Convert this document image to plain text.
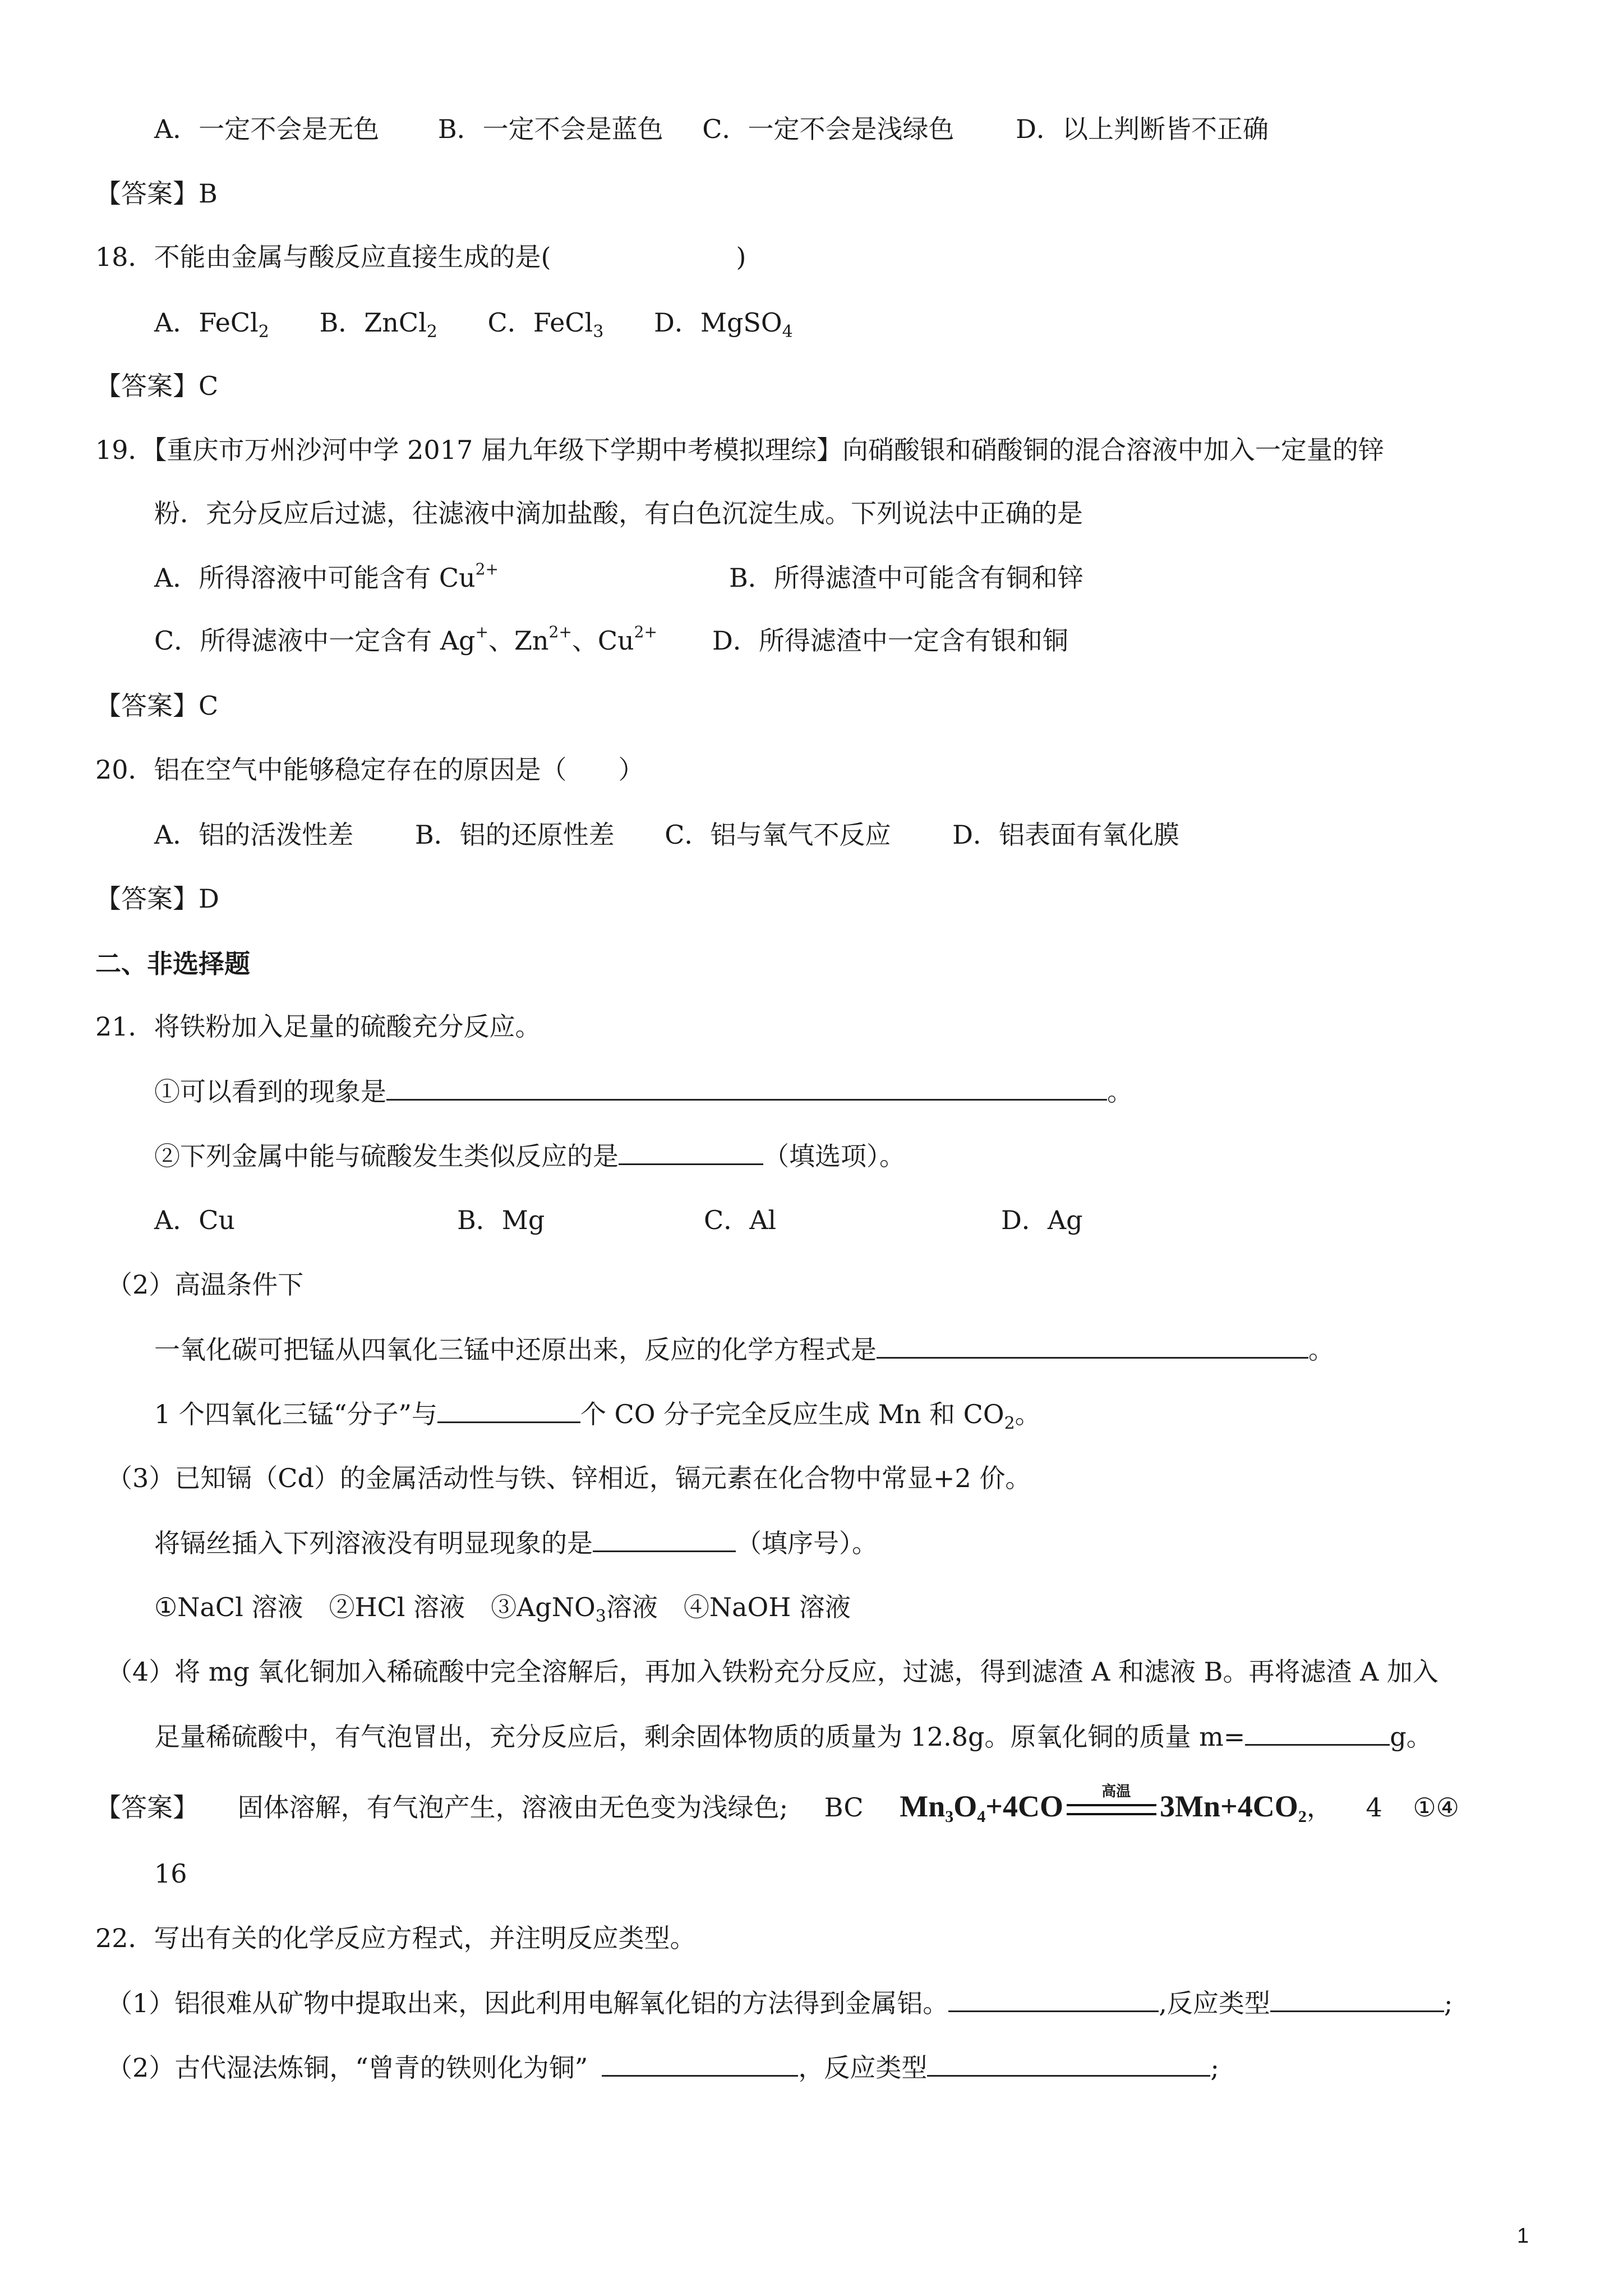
A．一定不会是无色 B．一定不会是蓝色 C．一定不会是浅绿色 D．以上判断皆不正确
【答案】B
18．不能由金属与酸反应直接生成的是(	)
A．FeCl$_2$ B．ZnCl$_2$ C．FeCl$_3$ D．MgSO$_4$
【答案】C
19．【重庆市万州沙河中学 2017 届九年级下学期中考模拟理综】向硝酸银和硝酸铜的混合溶液中加入一定量的锌
粉．充分反应后过滤，往滤液中滴加盐酸，有白色沉淀生成。下列说法中正确的是
A．所得溶液中可能含有 $Cu^{2+}$	B．所得滤渣中可能含有铜和锌
C．所得滤液中一定含有 Ag+、$Zn^{2+}$、$Cu^{2+}$ D．所得滤渣中一定含有银和铜
【答案】C
20．铝在空气中能够稳定存在的原因是（　　）
A．铝的活泼性差 B．铝的还原性差 C．铝与氧气不反应 D．铝表面有氧化膜
【答案】D
二、非选择题
21．将铁粉加入足量的硫酸充分反应。
①可以看到的现象是	。
②下列金属中能与硫酸发生类似反应的是	（填选项）。
A．Cu	B．Mg	C．Al	D．Ag
（2）高温条件下
一氧化碳可把锰从四氧化三锰中还原出来，反应的化学方程式是	。
1 个四氧化三锰“分子”与	个 CO 分子完全反应生成 Mn 和 $CO_2$。
（3）已知镉（Cd）的金属活动性与铁、锌相近，镉元素在化合物中常显+2 价。
将镉丝插入下列溶液没有明显现象的是	（填序号）。
①NaCl 溶液　②HCl 溶液　③AgNO$_3$溶液　④NaOH 溶液
（4）将 mg 氧化铜加入稀硫酸中完全溶解后，再加入铁粉充分反应，过滤，得到滤渣 A 和滤液 B。再将滤渣 A 加入
足量稀硫酸中，有气泡冒出，充分反应后，剩余固体物质的质量为 12.8g。原氧化铜的质量 m=	g。
【答案】 固体溶解，有气泡产生，溶液由无色变为浅绿色; BC $Mn_3O_4+4CO$	高温 $3Mn+4CO_2$， 4 ①④
16
22．写出有关的化学反应方程式，并注明反应类型。
（1）铝很难从矿物中提取出来，因此利用电解氧化铝的方法得到金属铝。	,反应类型	;
（2）古代湿法炼铜，“曾青的铁则化为铜”	，反应类型	;
1
